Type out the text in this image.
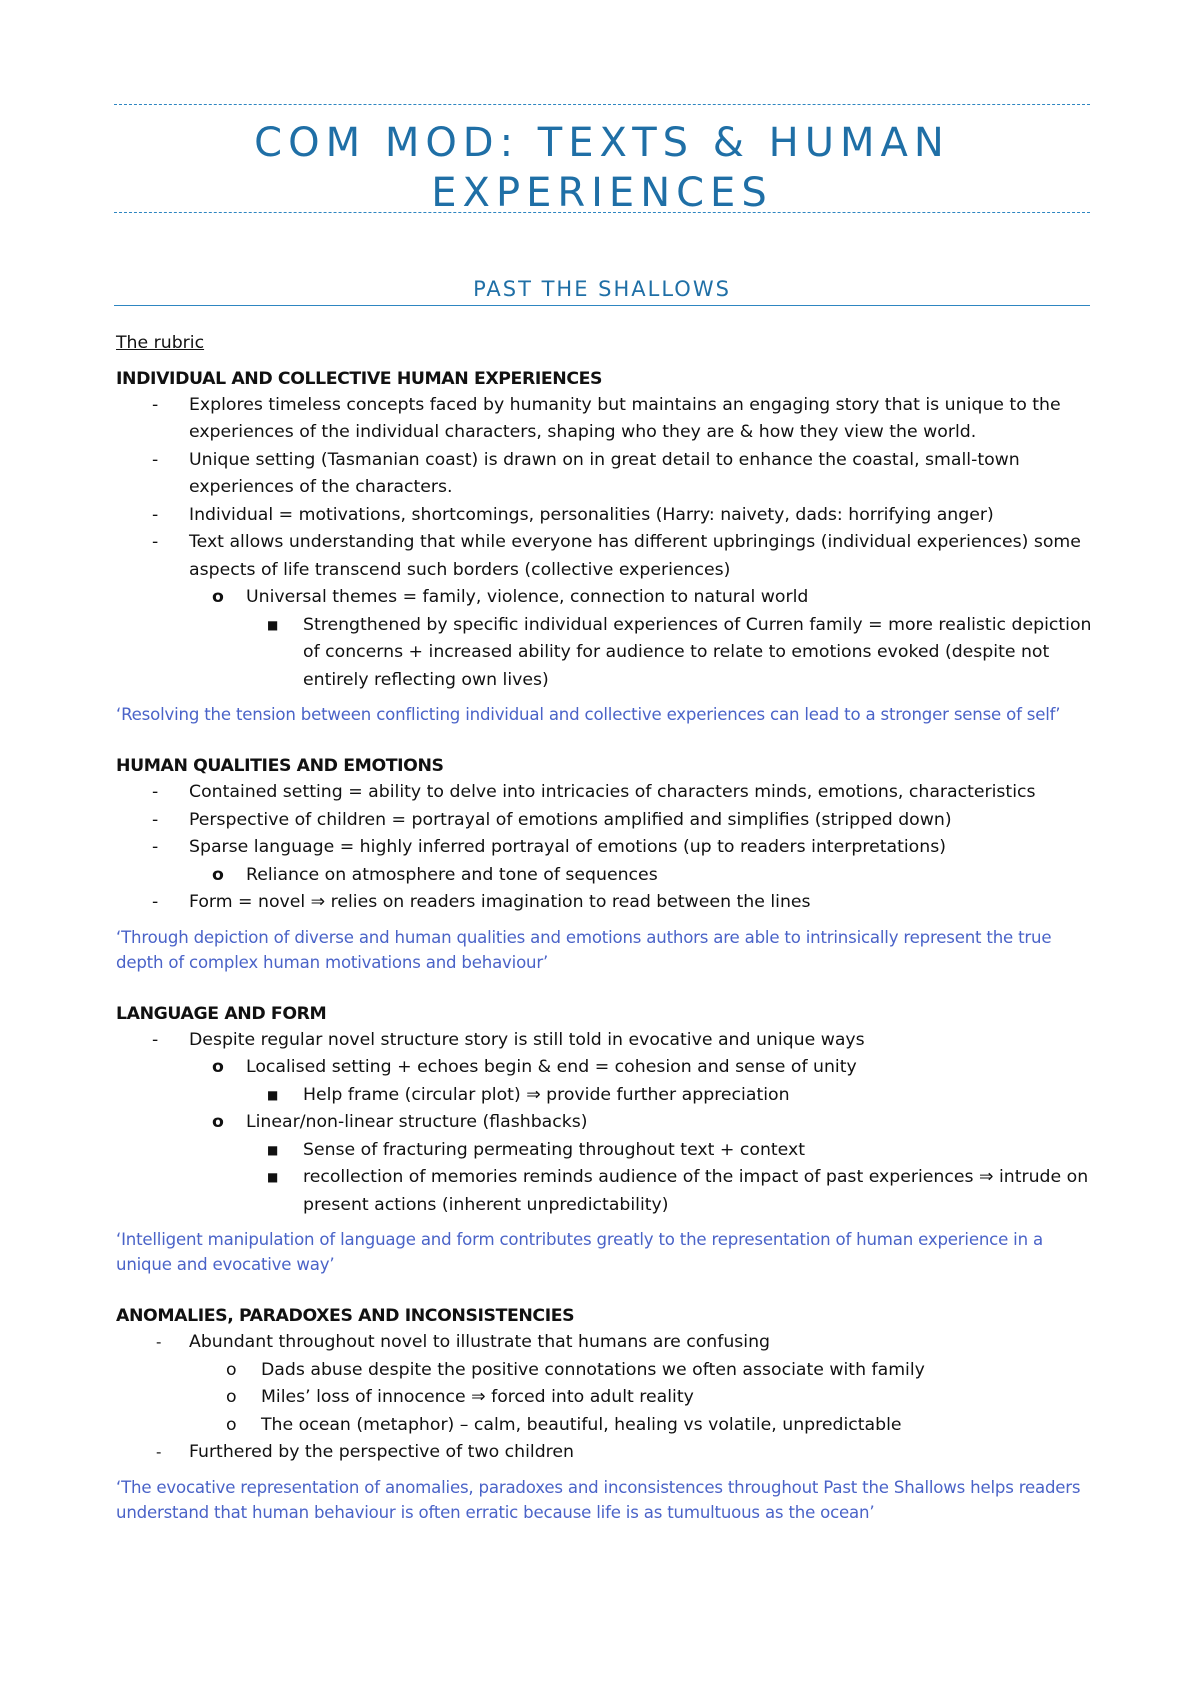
COM MOD: TEXTS & HUMAN EXPERIENCES
PAST THE SHALLOWS

The rubric

INDIVIDUAL AND COLLECTIVE HUMAN EXPERIENCES
- Explores timeless concepts faced by humanity but maintains an engaging story that is unique to the experiences of the individual characters, shaping who they are & how they view the world.
- Unique setting (Tasmanian coast) is drawn on in great detail to enhance the coastal, small-town experiences of the characters.
- Individual = motivations, shortcomings, personalities (Harry: naivety, dads: horrifying anger)
- Text allows understanding that while everyone has different upbringings (individual experiences) some aspects of life transcend such borders (collective experiences)
o Universal themes = family, violence, connection to natural world
■ Strengthened by specific individual experiences of Curren family = more realistic depiction of concerns + increased ability for audience to relate to emotions evoked (despite not entirely reflecting own lives)

‘Resolving the tension between conflicting individual and collective experiences can lead to a stronger sense of self’

HUMAN QUALITIES AND EMOTIONS
- Contained setting = ability to delve into intricacies of characters minds, emotions, characteristics
- Perspective of children = portrayal of emotions amplified and simplifies (stripped down)
- Sparse language = highly inferred portrayal of emotions (up to readers interpretations)
o Reliance on atmosphere and tone of sequences
- Form = novel ⇒ relies on readers imagination to read between the lines

‘Through depiction of diverse and human qualities and emotions authors are able to intrinsically represent the true depth of complex human motivations and behaviour’

LANGUAGE AND FORM
- Despite regular novel structure story is still told in evocative and unique ways
o Localised setting + echoes begin & end = cohesion and sense of unity
■ Help frame (circular plot) ⇒ provide further appreciation
o Linear/non-linear structure (flashbacks)
■ Sense of fracturing permeating throughout text + context
■ recollection of memories reminds audience of the impact of past experiences ⇒ intrude on present actions (inherent unpredictability)

‘Intelligent manipulation of language and form contributes greatly to the representation of human experience in a unique and evocative way’

ANOMALIES, PARADOXES AND INCONSISTENCIES
- Abundant throughout novel to illustrate that humans are confusing
o Dads abuse despite the positive connotations we often associate with family
o Miles’ loss of innocence ⇒ forced into adult reality
o The ocean (metaphor) – calm, beautiful, healing vs volatile, unpredictable
- Furthered by the perspective of two children

‘The evocative representation of anomalies, paradoxes and inconsistences throughout Past the Shallows helps readers understand that human behaviour is often erratic because life is as tumultuous as the ocean’
